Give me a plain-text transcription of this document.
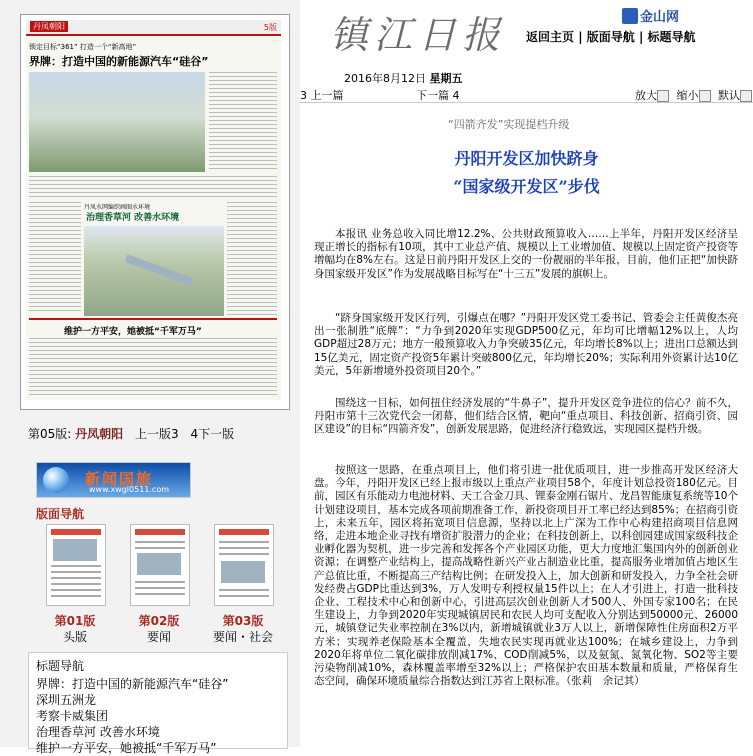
丹凤朝阳	5版
锁定目标“361” 打造一个“新高地”
界牌：打造中国的新能源汽车“硅谷”
丹凤水网编织画圈水环境
治理香草河 改善水环境
维护一方平安，她被抵“千军万马”
第05版: 丹凤朝阳 上一版3 4下一版
新闻国旅
www.xwgl0511.com
版面导航
第01版
头版
第02版
要闻
第03版
要闻・社会
标题导航
界牌：打造中国的新能源汽车“硅谷”
深圳五洲龙
考察卡威集团
治理香草河 改善水环境
维护一方平安，她被抵“千军万马”
镇江日报	金山网
返回主页 | 版面导航 | 标题导航
2016年8月12日 星期五
3 上一篇	下一篇 4	放大 缩小 默认
“四箭齐发”实现提档升级
丹阳开发区加快跻身
“国家级开发区”步伐
本报讯 业务总收入同比增12.2%、公共财政预算收入……上半年，丹阳开发区经济呈现正增长的指标有10项，其中工业总产值、规模以上工业增加值、规模以上固定资产投资等增幅均在8%左右。这是日前丹阳开发区上交的一份靓丽的半年报，目前，他们正把“加快跻身国家级开发区”作为发展战略目标写在“十三五”发展的旗帜上。
“跻身国家级开发区行列，引爆点在哪？”丹阳开发区党工委书记、管委会主任黄俊杰亮出一张制胜“底牌”：“力争到2020年实现GDP500亿元，年均可比增幅12%以上，人均GDP超过28万元；地方一般预算收入力争突破35亿元，年均增长8%以上；进出口总额达到15亿美元，固定资产投资5年累计突破800亿元，年均增长20%；实际利用外资累计达10亿美元，5年新增境外投资项目20个。”
围绕这一目标，如何扭住经济发展的“牛鼻子”，提升开发区竞争进位的信心？前不久，丹阳市第十三次党代会一闭幕，他们结合区情，靶向“重点项目、科技创新、招商引资、园区建设”的目标“四箭齐发”，创新发展思路，促进经济行稳致远，实现园区提档升级。
按照这一思路，在重点项目上，他们将引进一批优质项目，进一步推高开发区经济大盘。今年，丹阳开发区已经上报市级以上重点产业项目58个，年度计划总投资180亿元。目前，园区有乐能动力电池材料、天工合金刀具、锂泰金刚石锯片、龙昌智能康复系统等10个计划建设项目，基本完成各项前期准备工作，新投资项目开工率已经达到85%；在招商引资上，未来五年，园区将拓宽项目信息源，坚持以北上广深为工作中心构建招商项目信息网络，走进本地企业寻找有增资扩股潜力的企业；在科技创新上，以科创园建成国家级科技企业孵化器为契机，进一步完善和发挥各个产业园区功能，更大力度地汇集国内外的创新创业资源；在调整产业结构上，提高战略性新兴产业占制造业比重，提高服务业增加值占地区生产总值比重，不断提高三产结构比例；在研发投入上，加大创新和研发投入，力争全社会研发经费占GDP比重达到3%，万人发明专利授权量15件以上；在人才引进上，打造一批科技企业、工程技术中心和创新中心，引进高层次创业创新人才500人、外国专家100名；在民生建设上，力争到2020年实现城镇居民和农民人均可支配收入分别达到50000元、26000元，城镇登记失业率控制在3%以内，新增城镇就业3万人以上，新增保障性住房面积2万平方米；实现养老保险基本全覆盖，失地农民实现再就业达100%；在城乡建设上，力争到2020年将单位二氧化碳排放削减17%、COD削减5%，以及氨氮、氮氧化物、SO2等主要污染物削减10%，森林覆盖率增至32%以上；严格保护农田基本数量和质量，严格保育生态空间，确保环境质量综合指数达到江苏省上限标准。（张莉　余记其）
